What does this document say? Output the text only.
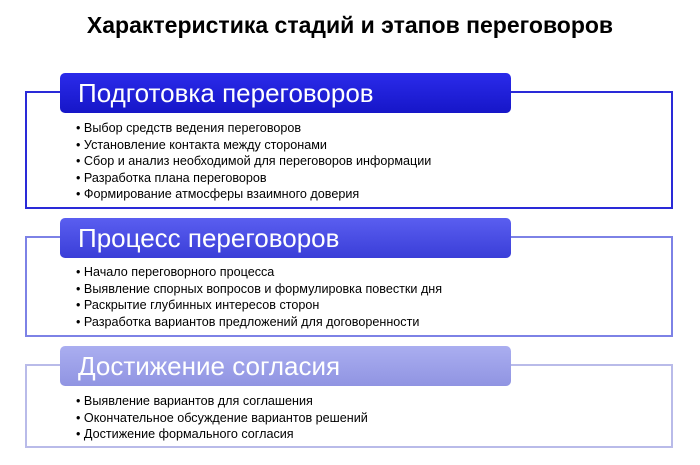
Характеристика стадий и этапов переговоров
Подготовка переговоров
• Выбор средств ведения переговоров
• Установление контакта между сторонами
• Сбор и анализ необходимой для переговоров информации
• Разработка плана переговоров
• Формирование атмосферы взаимного доверия
Процесс переговоров
• Начало переговорного процесса
• Выявление спорных вопросов и формулировка повестки дня
• Раскрытие глубинных интересов сторон
• Разработка вариантов предложений для договоренности
Достижение согласия
• Выявление вариантов для соглашения
• Окончательное обсуждение вариантов решений
• Достижение формального согласия
